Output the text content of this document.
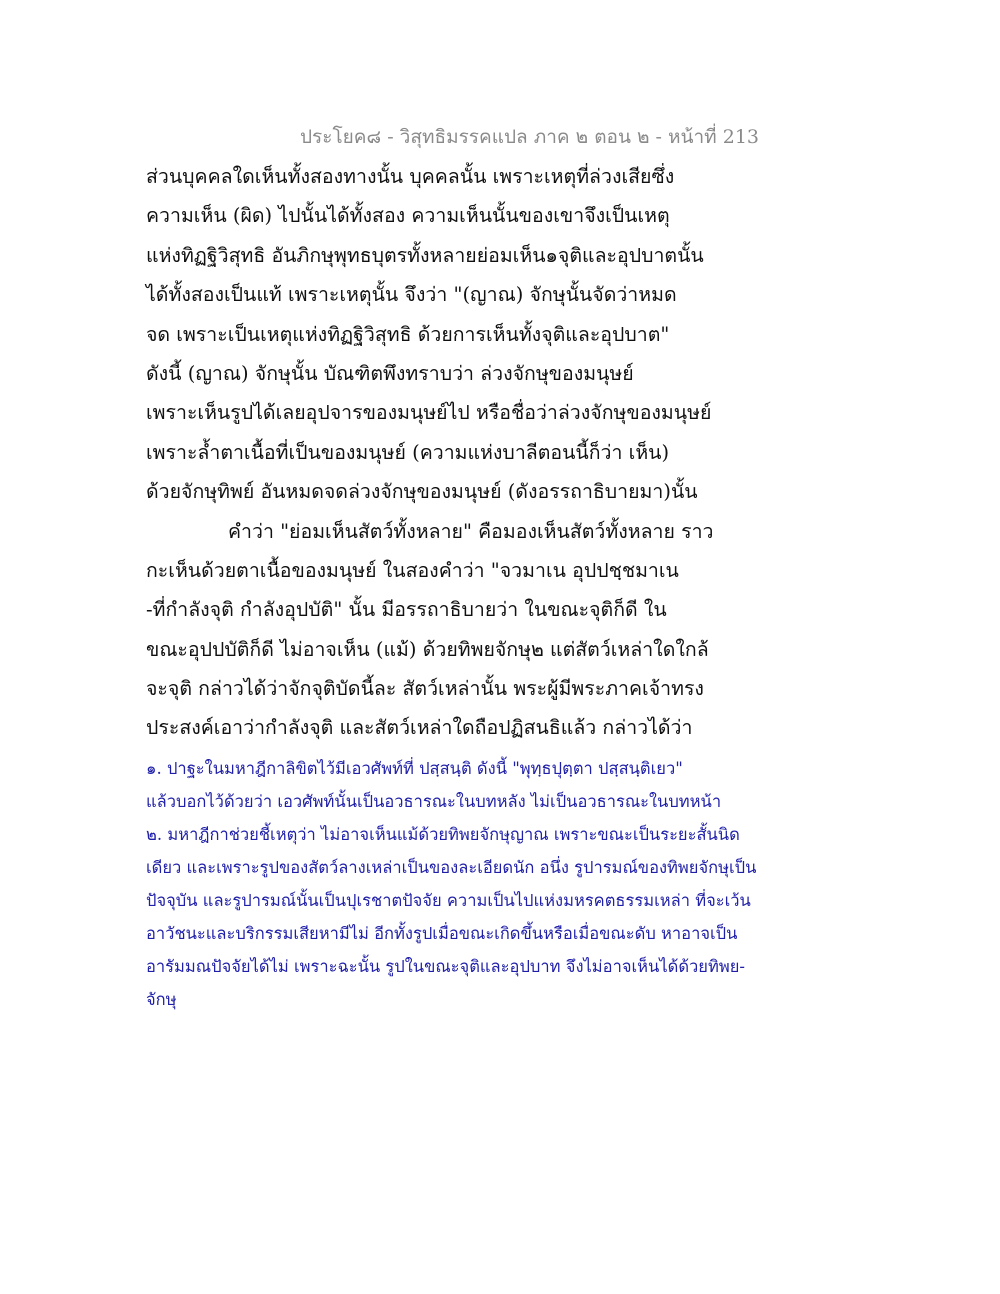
ประโยค๘ - วิสุทธิมรรคแปล ภาค ๒ ตอน ๒ - หน้าที่ 213
ส่วนบุคคลใดเห็นทั้งสองทางนั้น บุคคลนั้น เพราะเหตุที่ล่วงเสียซึ่ง
ความเห็น (ผิด) ไปนั้นได้ทั้งสอง ความเห็นนั้นของเขาจึงเป็นเหตุ
แห่งทิฏฐิวิสุทธิ อันภิกษุพุทธบุตรทั้งหลายย่อมเห็น๑จุติและอุปบาตนั้น
ได้ทั้งสองเป็นแท้ เพราะเหตุนั้น จึงว่า "(ญาณ) จักษุนั้นจัดว่าหมด
จด เพราะเป็นเหตุแห่งทิฏฐิวิสุทธิ ด้วยการเห็นทั้งจุติและอุปบาต"
ดังนี้ (ญาณ) จักษุนั้น บัณฑิตพึงทราบว่า ล่วงจักษุของมนุษย์
เพราะเห็นรูปได้เลยอุปจารของมนุษย์ไป หรือชื่อว่าล่วงจักษุของมนุษย์
เพราะล้ำตาเนื้อที่เป็นของมนุษย์ (ความแห่งบาลีตอนนี้ก็ว่า เห็น)
ด้วยจักษุทิพย์ อันหมดจดล่วงจักษุของมนุษย์ (ดังอรรถาธิบายมา)นั้น
คำว่า "ย่อมเห็นสัตว์ทั้งหลาย" คือมองเห็นสัตว์ทั้งหลาย ราว
กะเห็นด้วยตาเนื้อของมนุษย์ ในสองคำว่า "จวมาเน อุปปชฺชมาเน
-ที่กำลังจุติ กำลังอุปบัติ" นั้น มีอรรถาธิบายว่า ในขณะจุติก็ดี ใน
ขณะอุปปบัติก็ดี ไม่อาจเห็น (แม้) ด้วยทิพยจักษุ๒ แต่สัตว์เหล่าใดใกล้
จะจุติ กล่าวได้ว่าจักจุติบัดนี้ละ สัตว์เหล่านั้น พระผู้มีพระภาคเจ้าทรง
ประสงค์เอาว่ากำลังจุติ และสัตว์เหล่าใดถือปฏิสนธิแล้ว กล่าวได้ว่า
๑. ปาฐะในมหาฎีกาลิขิตไว้มีเอวศัพท์ที่ ปสฺสนฺติ ดังนี้ "พุทฺธปุตฺตา ปสฺสนฺติเยว"
แล้วบอกไว้ด้วยว่า เอวศัพท์นั้นเป็นอวธารณะในบทหลัง ไม่เป็นอวธารณะในบทหน้า
๒. มหาฎีกาช่วยชี้เหตุว่า ไม่อาจเห็นแม้ด้วยทิพยจักษุญาณ เพราะขณะเป็นระยะสั้นนิด
เดียว และเพราะรูปของสัตว์ลางเหล่าเป็นของละเอียดนัก อนึ่ง รูปารมณ์ของทิพยจักษุเป็น
ปัจจุบัน และรูปารมณ์นั้นเป็นปุเรชาตปัจจัย ความเป็นไปแห่งมหรคตธรรมเหล่า ที่จะเว้น
อาวัชนะและบริกรรมเสียหามีไม่ อีกทั้งรูปเมื่อขณะเกิดขึ้นหรือเมื่อขณะดับ หาอาจเป็น
อารัมมณปัจจัยได้ไม่ เพราะฉะนั้น รูปในขณะจุติและอุปบาท จึงไม่อาจเห็นได้ด้วยทิพย-
จักษุ
